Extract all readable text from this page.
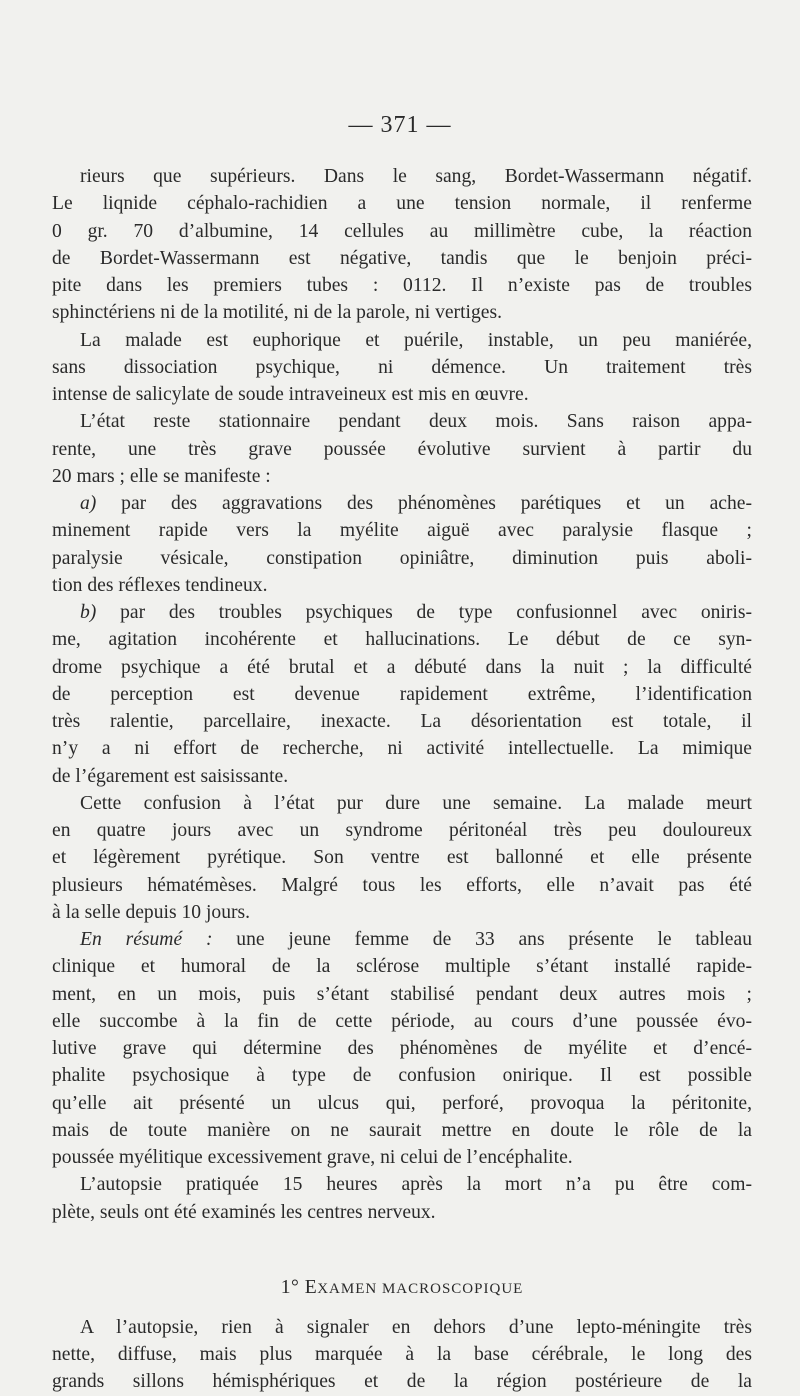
— 371 —
rieurs que supérieurs. Dans le sang, Bordet-Wassermann négatif.
Le liqnide céphalo-rachidien a une tension normale, il renferme
0 gr. 70 d’albumine, 14 cellules au millimètre cube, la réaction
de Bordet-Wassermann est négative, tandis que le benjoin préci-
pite dans les premiers tubes : 0112. Il n’existe pas de troubles
sphinctériens ni de la motilité, ni de la parole, ni vertiges.
La malade est euphorique et puérile, instable, un peu maniérée,
sans dissociation psychique, ni démence. Un traitement très
intense de salicylate de soude intraveineux est mis en œuvre.
L’état reste stationnaire pendant deux mois. Sans raison appa-
rente, une très grave poussée évolutive survient à partir du
20 mars ; elle se manifeste :
a) par des aggravations des phénomènes parétiques et un ache-
minement rapide vers la myélite aiguë avec paralysie flasque ;
paralysie vésicale, constipation opiniâtre, diminution puis aboli-
tion des réflexes tendineux.
b) par des troubles psychiques de type confusionnel avec oniris-
me, agitation incohérente et hallucinations. Le début de ce syn-
drome psychique a été brutal et a débuté dans la nuit ; la difficulté
de perception est devenue rapidement extrême, l’identification
très ralentie, parcellaire, inexacte. La désorientation est totale, il
n’y a ni effort de recherche, ni activité intellectuelle. La mimique
de l’égarement est saisissante.
Cette confusion à l’état pur dure une semaine. La malade meurt
en quatre jours avec un syndrome péritonéal très peu douloureux
et légèrement pyrétique. Son ventre est ballonné et elle présente
plusieurs hématémèses. Malgré tous les efforts, elle n’avait pas été
à la selle depuis 10 jours.
En résumé : une jeune femme de 33 ans présente le tableau
clinique et humoral de la sclérose multiple s’étant installé rapide-
ment, en un mois, puis s’étant stabilisé pendant deux autres mois ;
elle succombe à la fin de cette période, au cours d’une poussée évo-
lutive grave qui détermine des phénomènes de myélite et d’encé-
phalite psychosique à type de confusion onirique. Il est possible
qu’elle ait présenté un ulcus qui, perforé, provoqua la péritonite,
mais de toute manière on ne saurait mettre en doute le rôle de la
poussée myélitique excessivement grave, ni celui de l’encéphalite.
L’autopsie pratiquée 15 heures après la mort n’a pu être com-
plète, seuls ont été examinés les centres nerveux.
1° EXAMEN MACROSCOPIQUE
A l’autopsie, rien à signaler en dehors d’une lepto-méningite très
nette, diffuse, mais plus marquée à la base cérébrale, le long des
grands sillons hémisphériques et de la région postérieure de la
